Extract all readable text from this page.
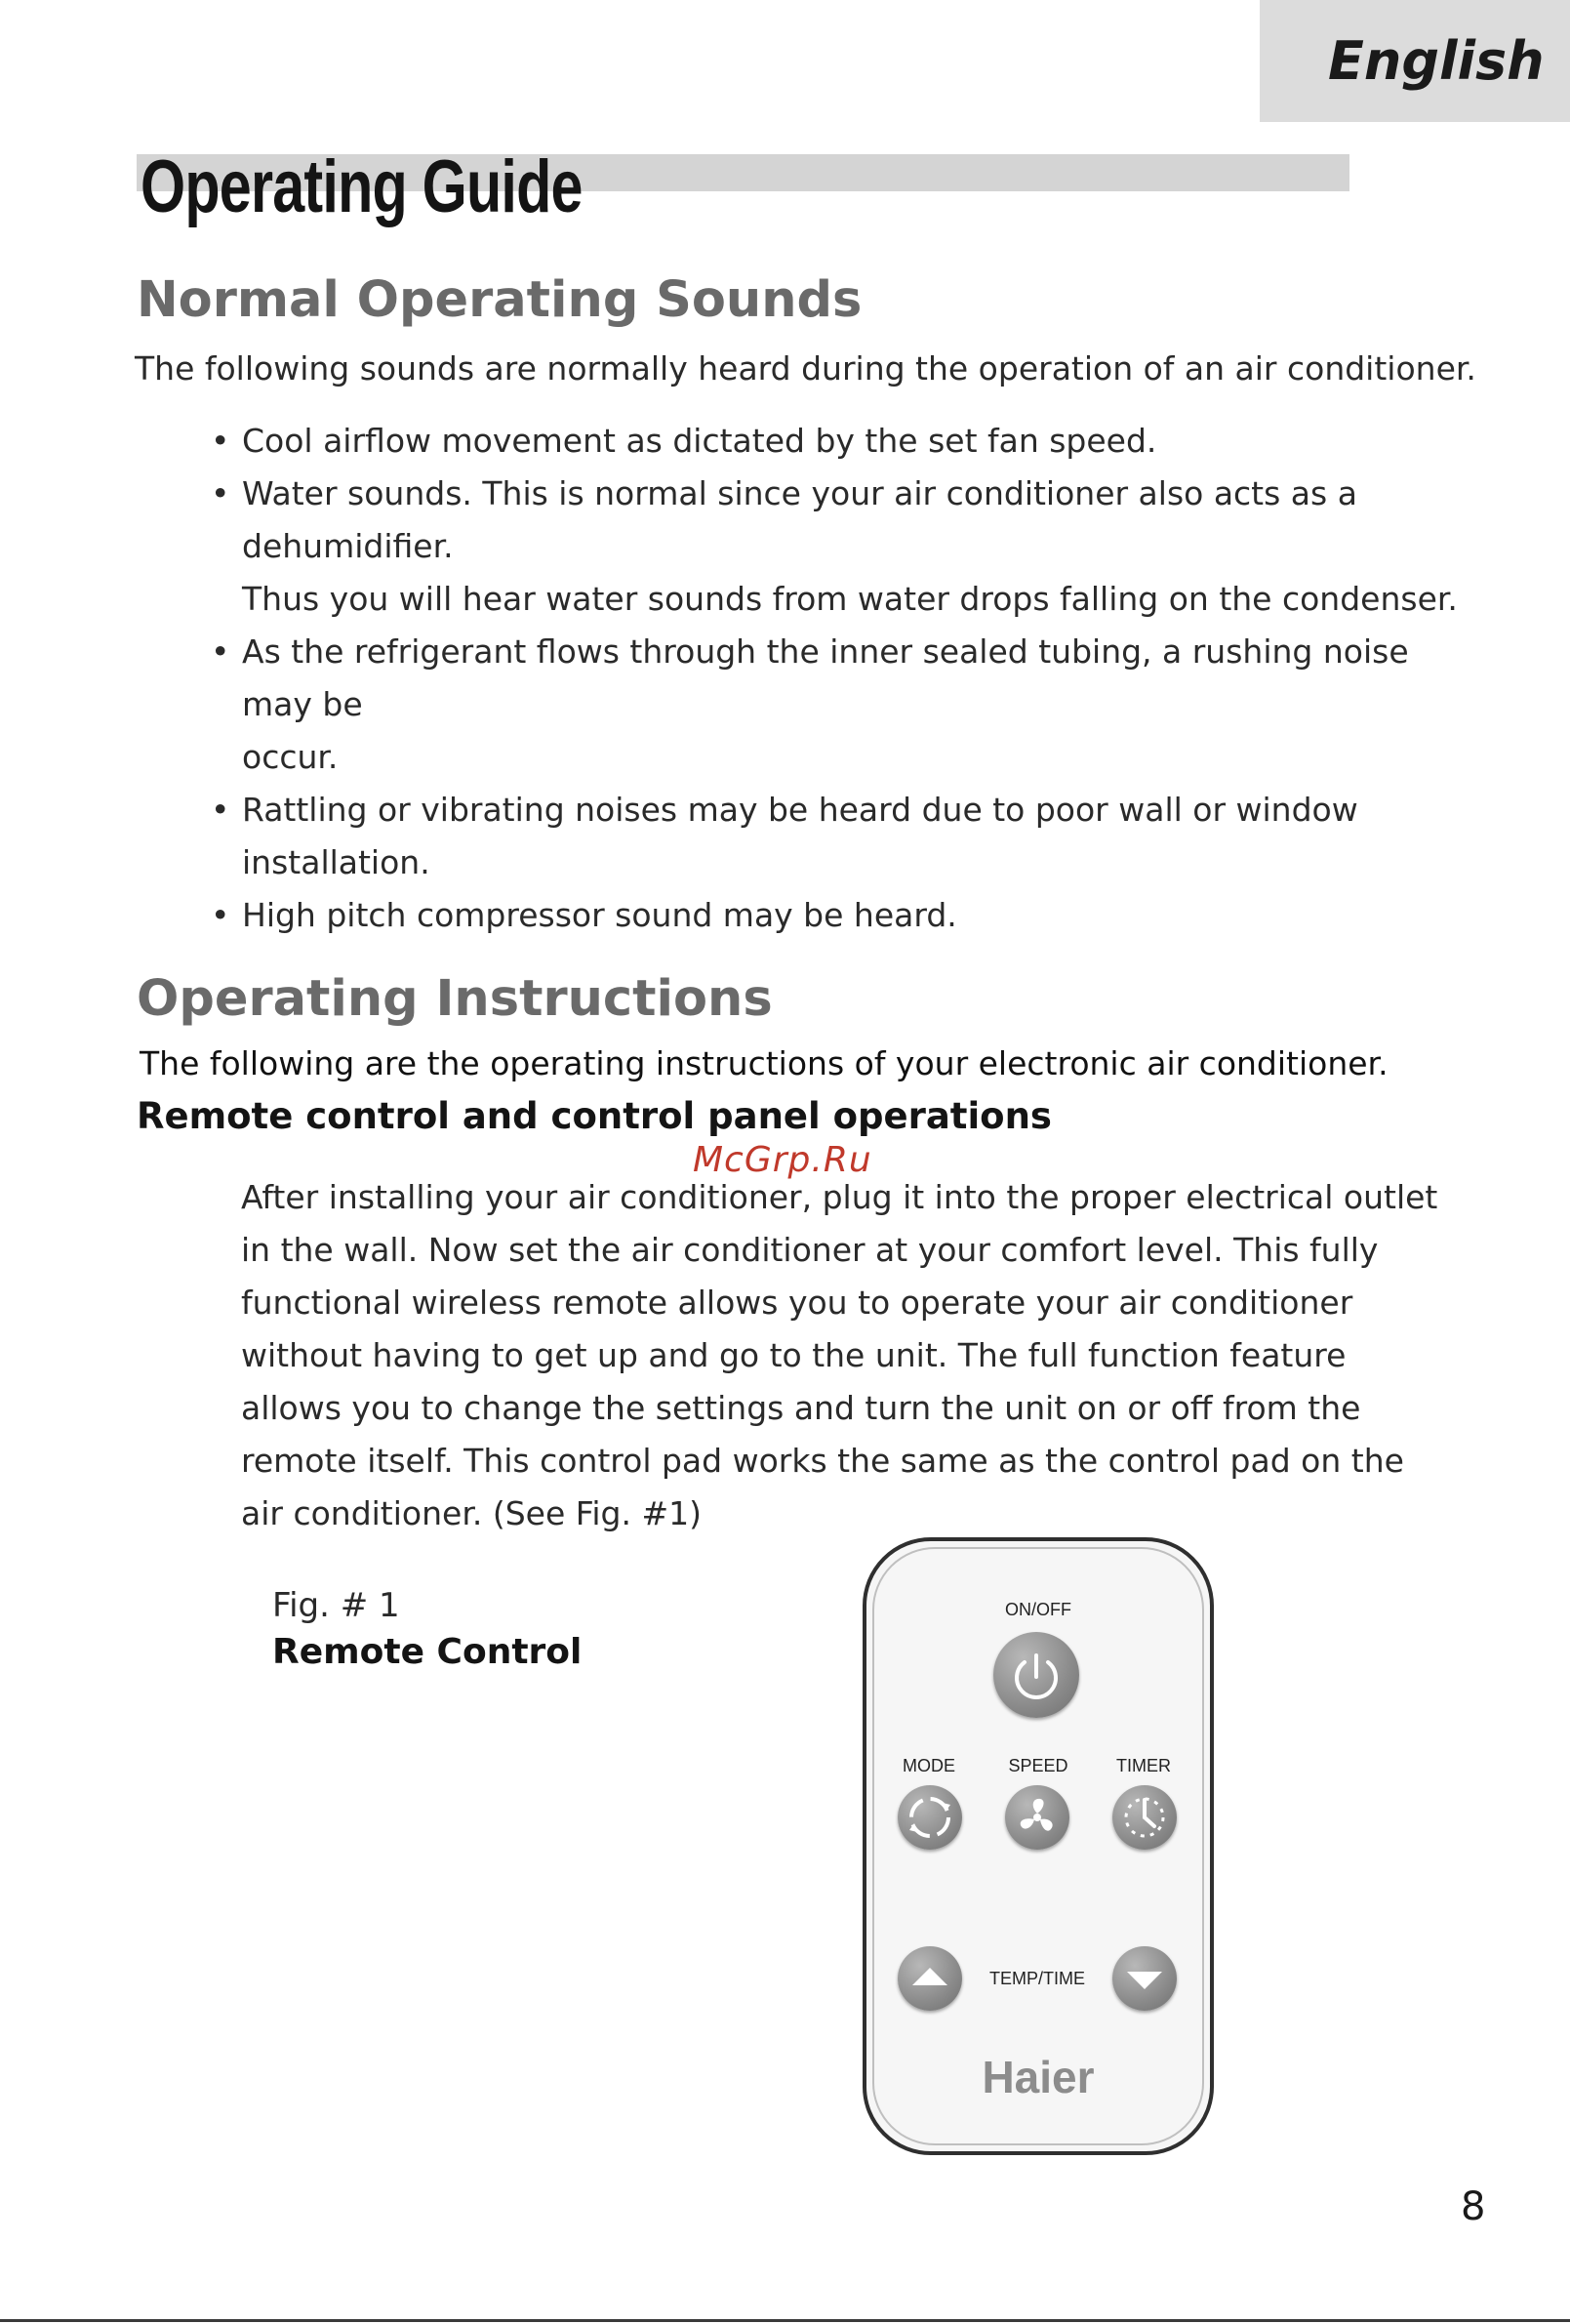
English
Operating Guide
Normal Operating Sounds

The following sounds are normally heard during the operation of an air conditioner.

• Cool airflow movement as dictated by the set fan speed.
• Water sounds. This is normal since your air conditioner also acts as a dehumidifier.
Thus you will hear water sounds from water drops falling on the condenser.
• As the refrigerant flows through the inner sealed tubing, a rushing noise may be
occur.
• Rattling or vibrating noises may be heard due to poor wall or window installation.
• High pitch compressor sound may be heard.
Operating Instructions

The following are the operating instructions of your electronic air conditioner.

Remote control and control panel operations
McGrp.Ru

After installing your air conditioner, plug it into the proper electrical outlet in the wall. Now set the air conditioner at your comfort level. This fully functional wireless remote allows you to operate your air conditioner without having to get up and go to the unit. The full function feature allows you to change the settings and turn the unit on or off from the remote itself. This control pad works the same as the control pad on the air conditioner. (See Fig. #1)

Fig. # 1

Remote Control

ON/OFF
MODE	SPEED	TIMER
TEMP/TIME
Haier

8
